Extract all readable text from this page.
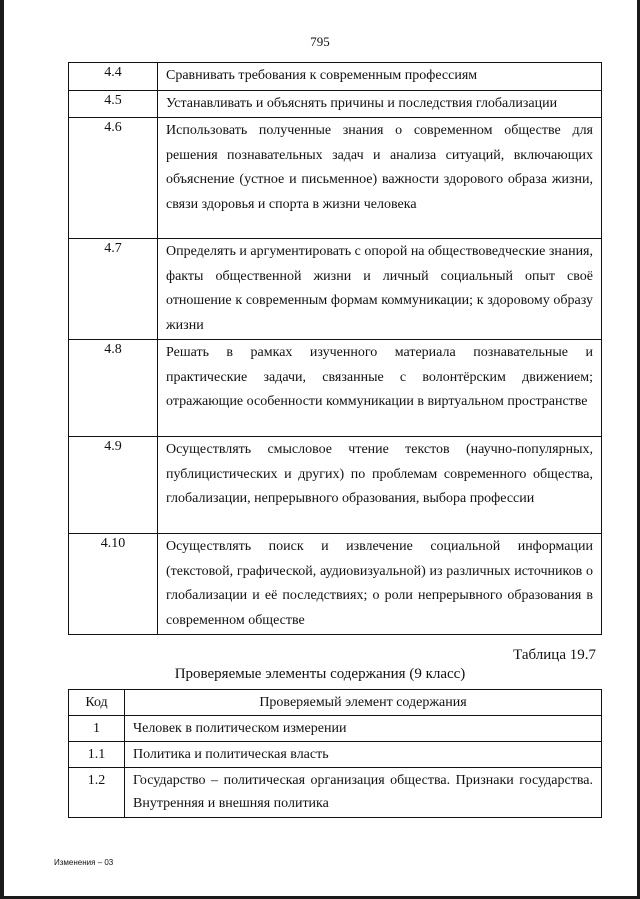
795
4.4	Сравнивать требования к современным профессиям
4.5	Устанавливать и объяснять причины и последствия глобализации
4.6	Использовать полученные знания о современном обществе для решения познавательных задач и анализа ситуаций, включающих объяснение (устное и письменное) важности здорового образа жизни, связи здоровья и спорта в жизни человека
4.7	Определять и аргументировать с опорой на обществоведческие знания, факты общественной жизни и личный социальный опыт своё отношение к современным формам коммуникации; к здоровому образу жизни
4.8	Решать в рамках изученного материала познавательные и практические задачи, связанные с волонтёрским движением; отражающие особенности коммуникации в виртуальном пространстве
4.9	Осуществлять смысловое чтение текстов (научно-популярных, публицистических и других) по проблемам современного общества, глобализации, непрерывного образования, выбора профессии
4.10	Осуществлять поиск и извлечение социальной информации (текстовой, графической, аудиовизуальной) из различных источников о глобализации и её последствиях; о роли непрерывного образования в современном обществе
Таблица 19.7
Проверяемые элементы содержания (9 класс)
Код	Проверяемый элемент содержания
1	Человек в политическом измерении
1.1	Политика и политическая власть
1.2	Государство – политическая организация общества. Признаки государства. Внутренняя и внешняя политика
Изменения – 03
